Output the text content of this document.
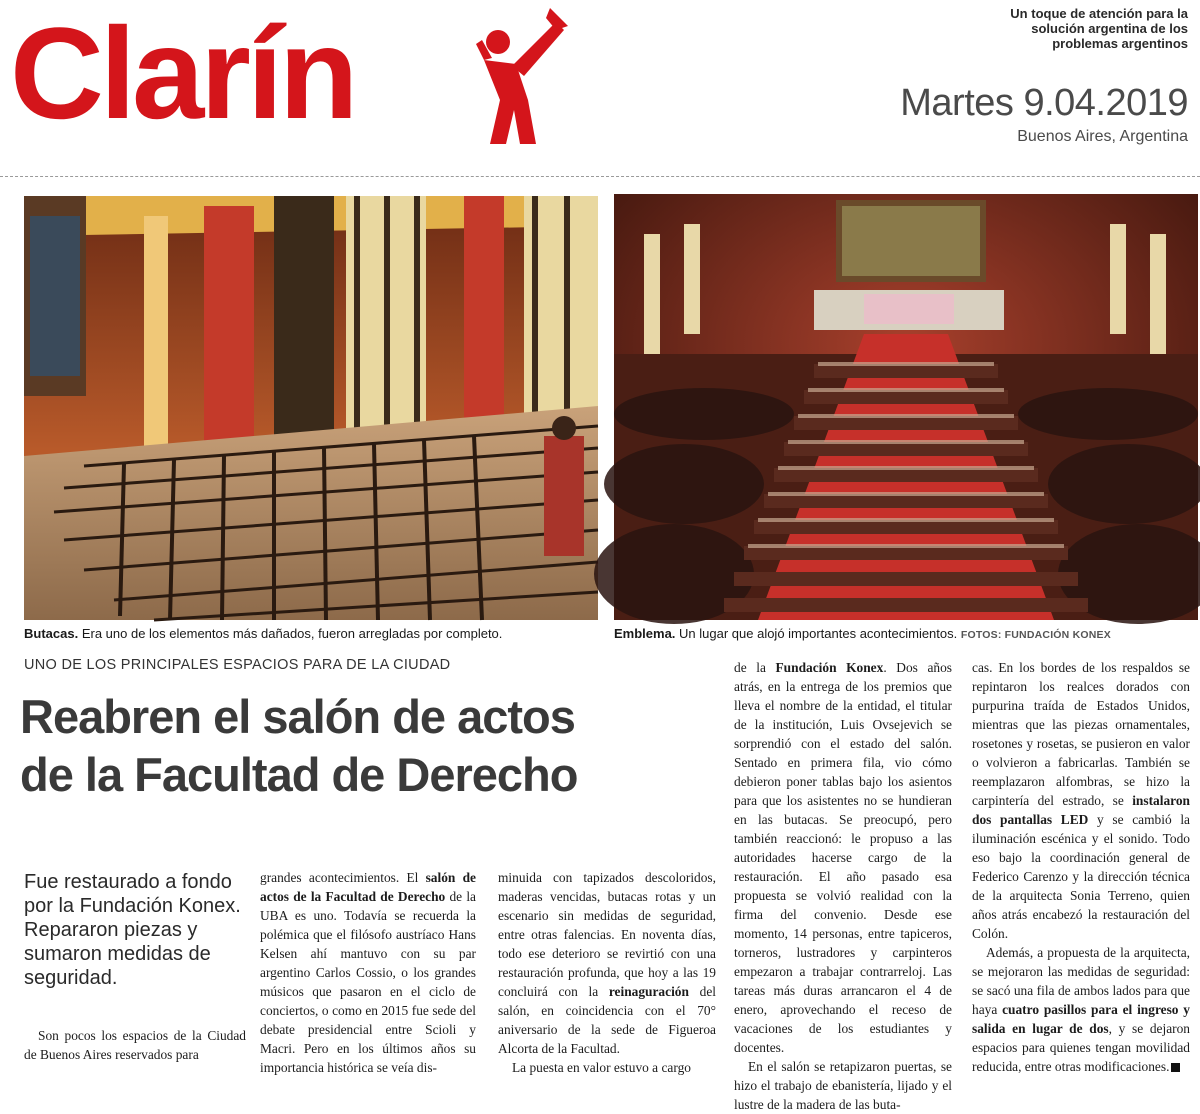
Clarín	Un toque de atención para la solución argentina de los problemas argentinos
Martes 9.04.2019
Buenos Aires, Argentina
Butacas. Era uno de los elementos más dañados, fueron arregladas por completo.	Emblema. Un lugar que alojó importantes acontecimientos. FOTOS: FUNDACIÓN KONEX
UNO DE LOS PRINCIPALES ESPACIOS PARA DE LA CIUDAD
Reabren el salón de actos
de la Facultad de Derecho
Fue restaurado a fondo por la Fundación Konex. Repararon piezas y sumaron medidas de seguridad.

Son pocos los espacios de la Ciudad de Buenos Aires reservados para

grandes acontecimientos. El salón de actos de la Facultad de Derecho de la UBA es uno. Todavía se recuerda la polémica que el filósofo austríaco Hans Kelsen ahí mantuvo con su par argentino Carlos Cossio, o los grandes músicos que pasaron en el ciclo de conciertos, o como en 2015 fue sede del debate presidencial entre Scioli y Macri. Pero en los últimos años su importancia histórica se veía dis-

minuida con tapizados descoloridos, maderas vencidas, butacas rotas y un escenario sin medidas de seguridad, entre otras falencias. En noventa días, todo ese deterioro se revirtió con una restauración profunda, que hoy a las 19 concluirá con la reinaguración del salón, en coincidencia con el 70° aniversario de la sede de Figueroa Alcorta de la Facultad.

La puesta en valor estuvo a cargo

de la Fundación Konex. Dos años atrás, en la entrega de los premios que lleva el nombre de la entidad, el titular de la institución, Luis Ovsejevich se sorprendió con el estado del salón. Sentado en primera fila, vio cómo debieron poner tablas bajo los asientos para que los asistentes no se hundieran en las butacas. Se preocupó, pero también reaccionó: le propuso a las autoridades hacerse cargo de la restauración. El año pasado esa propuesta se volvió realidad con la firma del convenio. Desde ese momento, 14 personas, entre tapiceros, torneros, lustradores y carpinteros empezaron a trabajar contrarreloj. Las tareas más duras arrancaron el 4 de enero, aprovechando el receso de vacaciones de los estudiantes y docentes.

En el salón se retapizaron puertas, se hizo el trabajo de ebanistería, lijado y el lustre de la madera de las buta-

cas. En los bordes de los respaldos se repintaron los realces dorados con purpurina traída de Estados Unidos, mientras que las piezas ornamentales, rosetones y rosetas, se pusieron en valor o volvieron a fabricarlas. También se reemplazaron alfombras, se hizo la carpintería del estrado, se instalaron dos pantallas LED y se cambió la iluminación escénica y el sonido. Todo eso bajo la coordinación general de Federico Carenzo y la dirección técnica de la arquitecta Sonia Terreno, quien años atrás encabezó la restauración del Colón.

Además, a propuesta de la arquitecta, se mejoraron las medidas de seguridad: se sacó una fila de ambos lados para que haya cuatro pasillos para el ingreso y salida en lugar de dos, y se dejaron espacios para quienes tengan movilidad reducida, entre otras modificaciones.
